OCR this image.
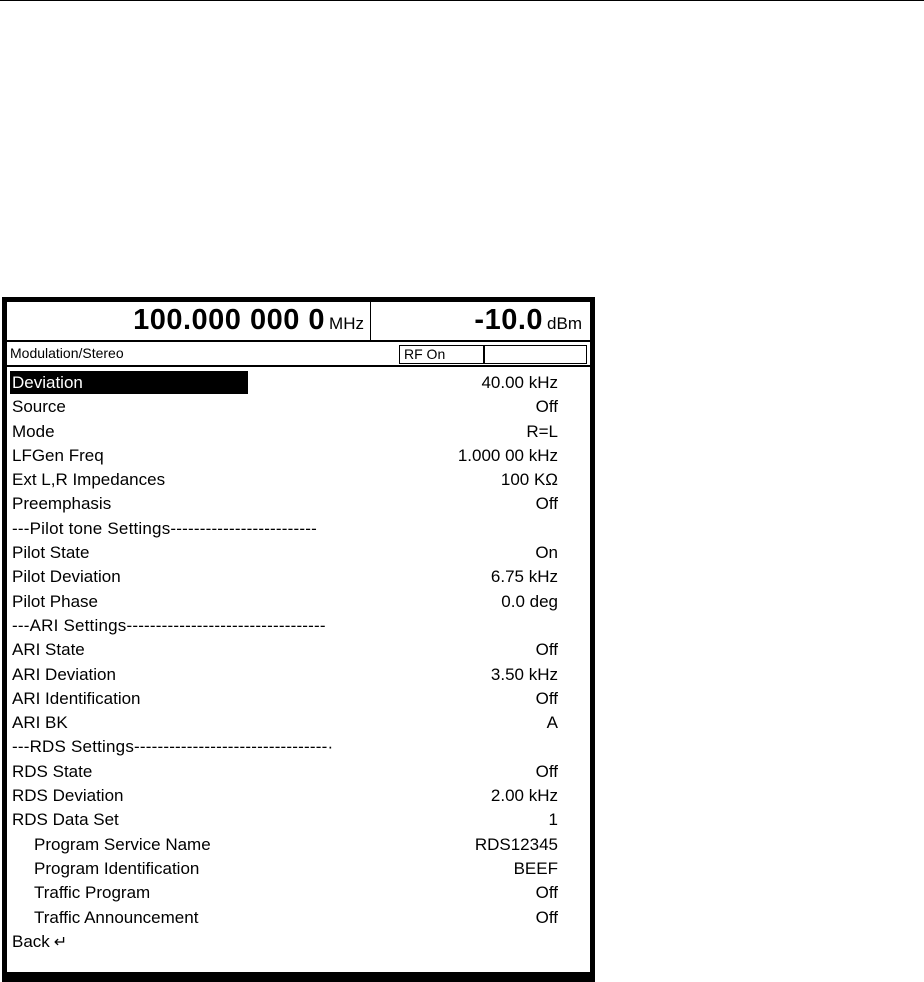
100.000 000 0 MHz	-10.0 dBm
Modulation/Stereo	RF On
Deviation	40.00 kHz
Source	Off
Mode	R=L
LFGen Freq	1.000 00 kHz
Ext L,R Impedances	100 KΩ
Preemphasis	Off
---Pilot tone Settings-------------------------
Pilot State	On
Pilot Deviation	6.75 kHz
Pilot Phase	0.0 deg
---ARI Settings----------------------------------
ARI State	Off
ARI Deviation	3.50 kHz
ARI Identification	Off
ARI BK	A
---RDS Settings---------------------------------·
RDS State	Off
RDS Deviation	2.00 kHz
RDS Data Set	1
Program Service Name	RDS12345
Program Identification	BEEF
Traffic Program	Off
Traffic Announcement	Off
Back ↵
